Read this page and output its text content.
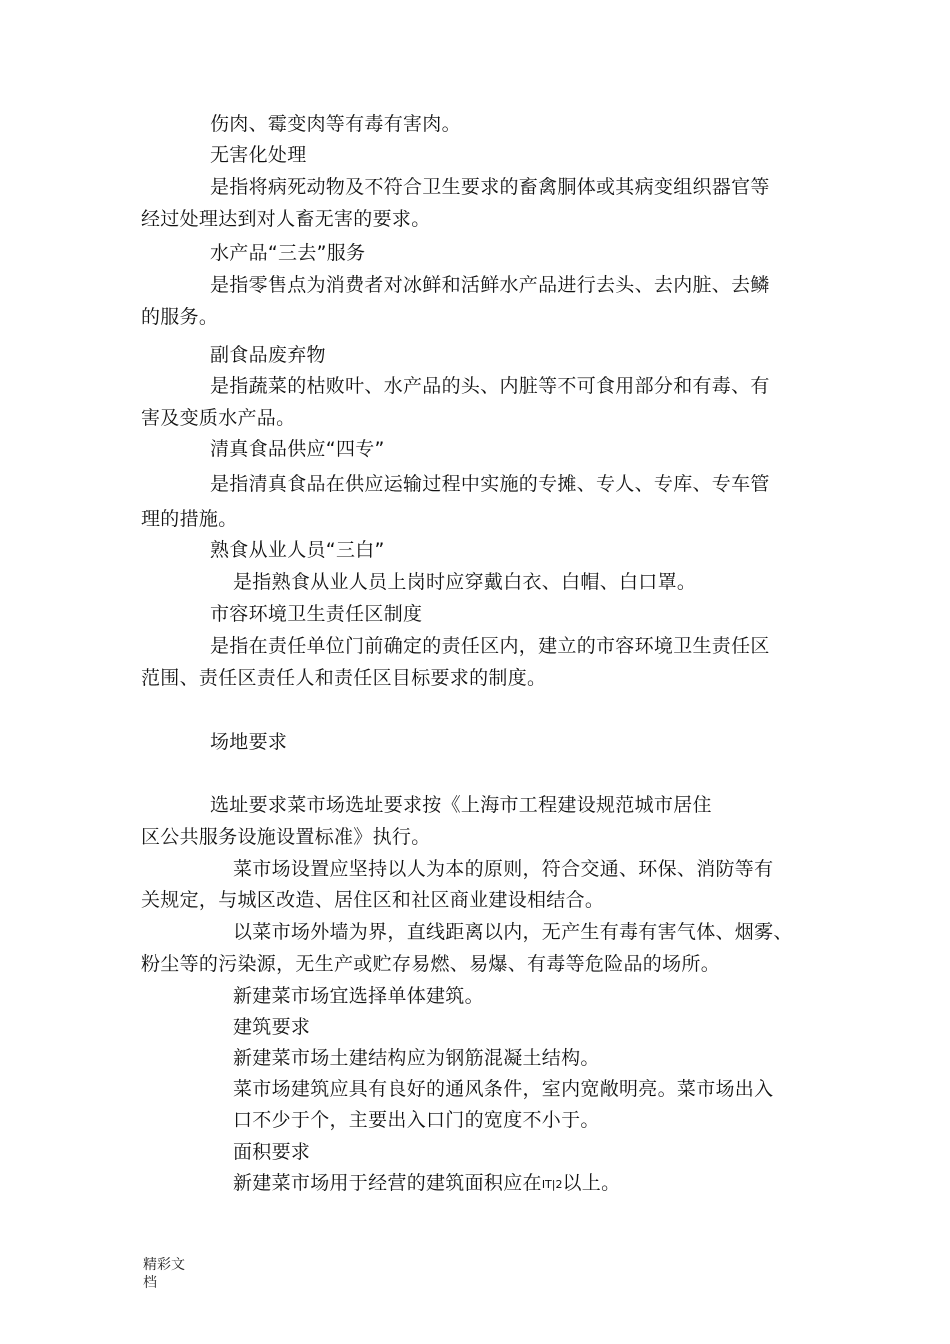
伤肉、霉变肉等有毒有害肉。
无害化处理
是指将病死动物及不符合卫生要求的畜禽胴体或其病变组织器官等
经过处理达到对人畜无害的要求。
水产品“三去”服务
是指零售点为消费者对冰鲜和活鲜水产品进行去头、去内脏、去鳞
的服务。
副食品废弃物
是指蔬菜的枯败叶、水产品的头、内脏等不可食用部分和有毒、有
害及变质水产品。
清真食品供应“四专”
是指清真食品在供应运输过程中实施的专摊、专人、专库、专车管
理的措施。
熟食从业人员“三白”
是指熟食从业人员上岗时应穿戴白衣、白帽、白口罩。
市容环境卫生责任区制度
是指在责任单位门前确定的责任区内，建立的市容环境卫生责任区
范围、责任区责任人和责任区目标要求的制度。
场地要求
选址要求菜市场选址要求按《上海市工程建设规范城市居住
区公共服务设施设置标准》执行。
菜市场设置应坚持以人为本的原则，符合交通、环保、消防等有
关规定，与城区改造、居住区和社区商业建设相结合。
以菜市场外墙为界，直线距离以内，无产生有毒有害气体、烟雾、
粉尘等的污染源，无生产或贮存易燃、易爆、有毒等危险品的场所。
新建菜市场宜选择单体建筑。
建筑要求
新建菜市场土建结构应为钢筋混凝土结构。
菜市场建筑应具有良好的通风条件，室内宽敞明亮。菜市场出入
口不少于个，主要出入口门的宽度不小于。
面积要求
新建菜市场用于经营的建筑面积应在IT|2以上。
精彩文
档
